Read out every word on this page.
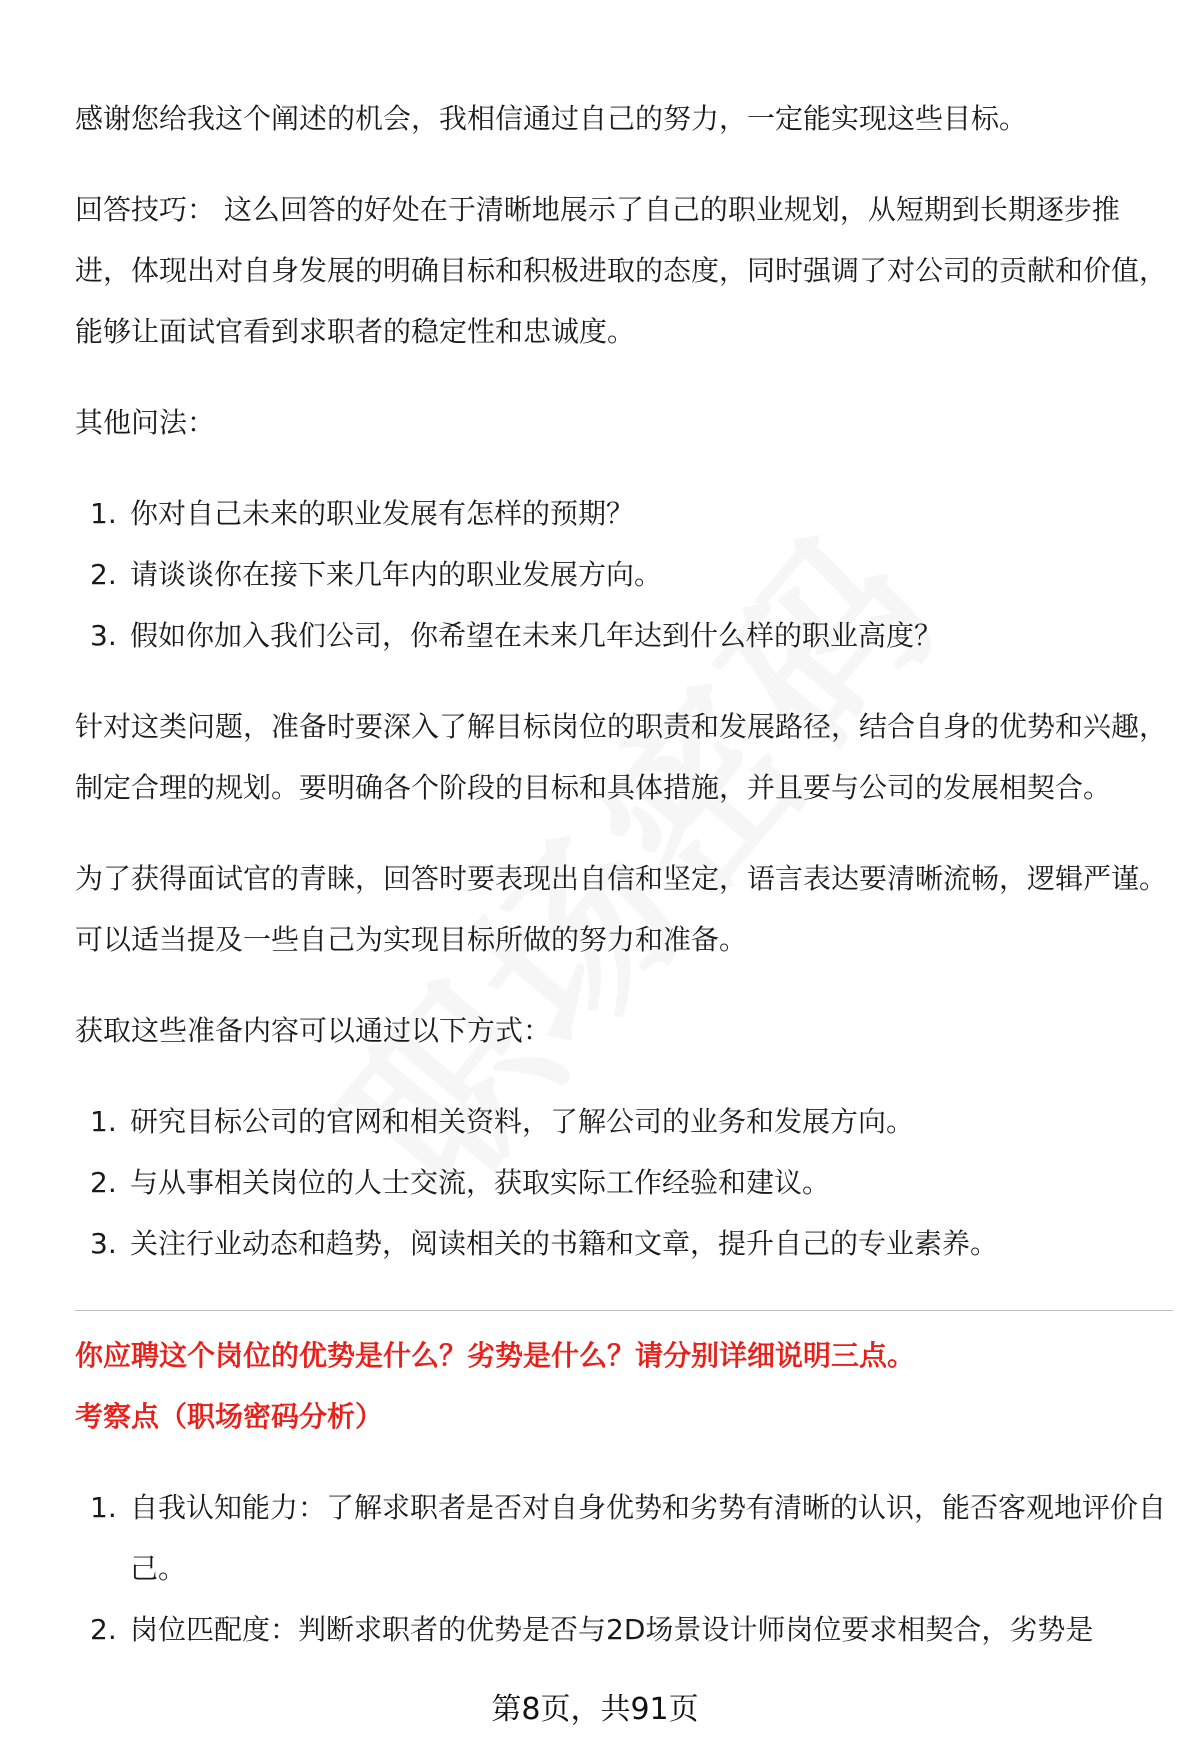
感谢您给我这个阐述的机会，我相信通过自己的努力，一定能实现这些目标。

回答技巧： 这么回答的好处在于清晰地展示了自己的职业规划，从短期到长期逐步推进，体现出对自身发展的明确目标和积极进取的态度，同时强调了对公司的贡献和价值，能够让面试官看到求职者的稳定性和忠诚度。

其他问法：

1. 你对自己未来的职业发展有怎样的预期？
2. 请谈谈你在接下来几年内的职业发展方向。
3. 假如你加入我们公司，你希望在未来几年达到什么样的职业高度？

针对这类问题，准备时要深入了解目标岗位的职责和发展路径，结合自身的优势和兴趣，制定合理的规划。要明确各个阶段的目标和具体措施，并且要与公司的发展相契合。

为了获得面试官的青睐，回答时要表现出自信和坚定，语言表达要清晰流畅，逻辑严谨。可以适当提及一些自己为实现目标所做的努力和准备。

获取这些准备内容可以通过以下方式：

1. 研究目标公司的官网和相关资料，了解公司的业务和发展方向。
2. 与从事相关岗位的人士交流，获取实际工作经验和建议。
3. 关注行业动态和趋势，阅读相关的书籍和文章，提升自己的专业素养。

你应聘这个岗位的优势是什么？劣势是什么？请分别详细说明三点。

考察点（职场密码分析）

1. 自我认知能力：了解求职者是否对自身优势和劣势有清晰的认识，能否客观地评价自己。
2. 岗位匹配度：判断求职者的优势是否与2D场景设计师岗位要求相契合，劣势是
第8页，共91页
